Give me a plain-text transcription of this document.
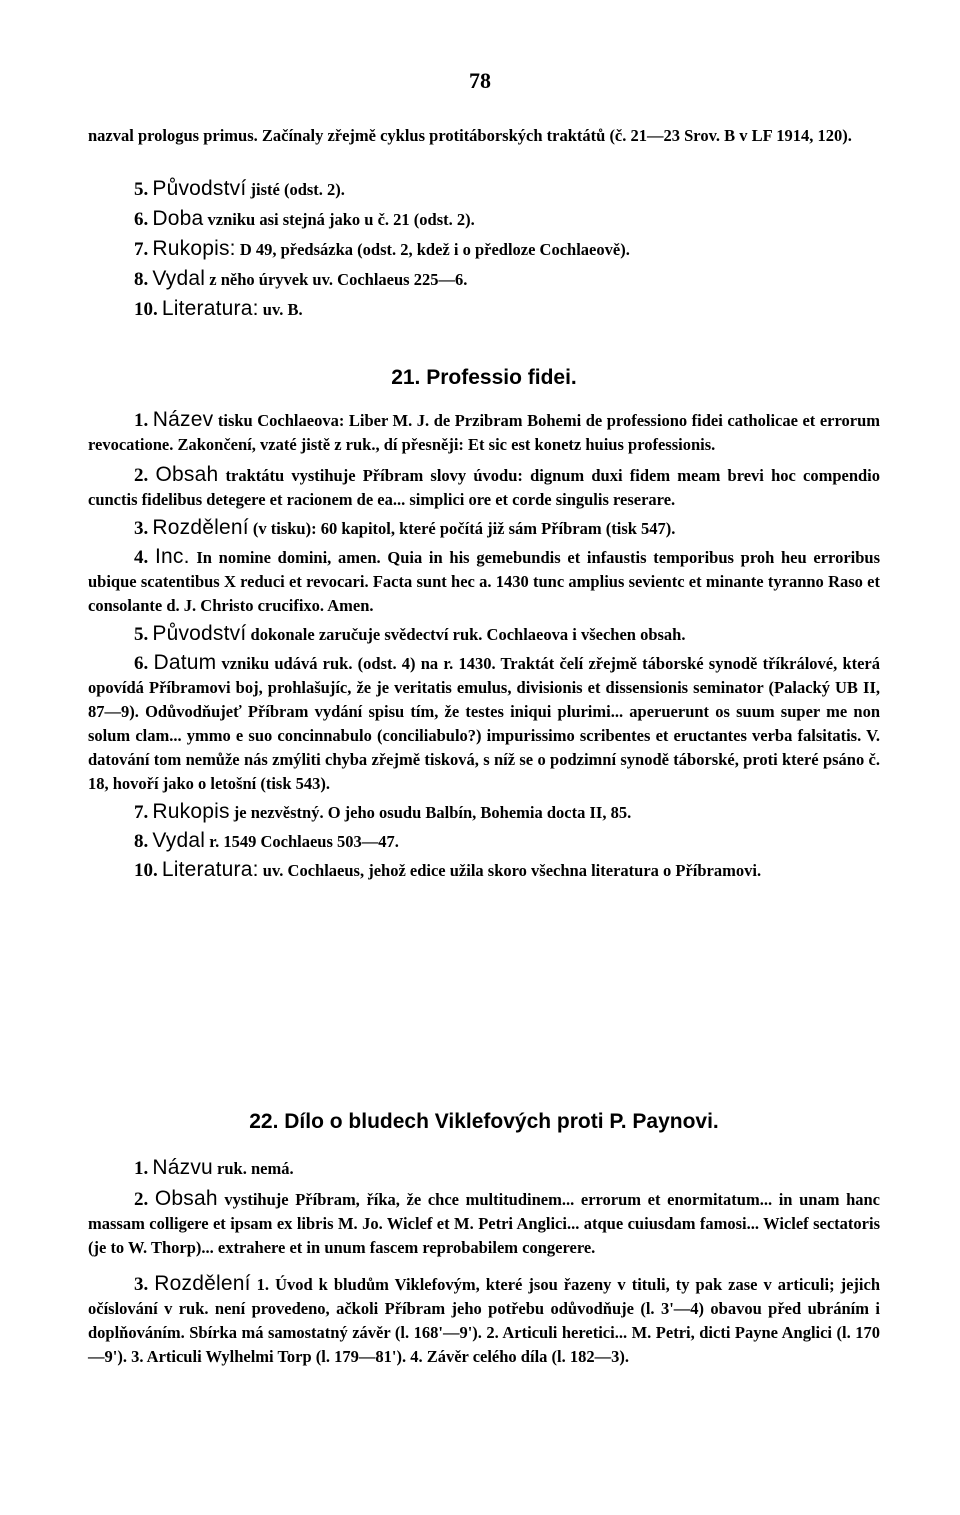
78

nazval prologus primus. Začínaly zřejmě cyklus protitáborských traktátů (č. 21—23 Srov. B v LF 1914, 120).

5. Původství jisté (odst. 2).

6. Doba vzniku asi stejná jako u č. 21 (odst. 2).

7. Rukopis: D 49, předsázka (odst. 2, kdež i o předloze Cochlaeově).

8. Vydal z něho úryvek uv. Cochlaeus 225—6.

10. Literatura: uv. B.

21. Professio fidei.

1. Název tisku Cochlaeova: Liber M. J. de Przibram Bohemi de professiono fidei catholicae et errorum revocatione. Zakončení, vzaté jistě z ruk., dí přesněji: Et sic est konetz huius professionis.

2. Obsah traktátu vystihuje Příbram slovy úvodu: dignum duxi fidem meam brevi hoc compendio cunctis fidelibus detegere et racionem de ea... simplici ore et corde singulis reserare.

3. Rozdělení (v tisku): 60 kapitol, které počítá již sám Příbram (tisk 547).

4. Inc. In nomine domini, amen. Quia in his gemebundis et infaustis temporibus proh heu erroribus ubique scatentibus X reduci et revocari. Facta sunt hec a. 1430 tunc amplius sevientc et minante tyranno Raso et consolante d. J. Christo crucifixo. Amen.

5. Původství dokonale zaručuje svědectví ruk. Cochlaeova i všechen obsah.

6. Datum vzniku udává ruk. (odst. 4) na r. 1430. Traktát čelí zřejmě táborské synodě tříkrálové, která opovídá Příbramovi boj, prohlašujíc, že je veritatis emulus, divisionis et dissensionis seminator (Palacký UB II, 87—9). Odůvodňujeť Příbram vydání spisu tím, že testes iniqui plurimi... aperuerunt os suum super me non solum clam... ymmo e suo concinnabulo (conciliabulo?) impurissimo scribentes et eructantes verba falsitatis. V. datování tom nemůže nás zmýliti chyba zřejmě tisková, s níž se o podzimní synodě táborské, proti které psáno č. 18, hovoří jako o letošní (tisk 543).

7. Rukopis je nezvěstný. O jeho osudu Balbín, Bohemia docta II, 85.

8. Vydal r. 1549 Cochlaeus 503—47.

10. Literatura: uv. Cochlaeus, jehož edice užila skoro všechna literatura o Příbramovi.

22. Dílo o bludech Viklefových proti P. Paynovi.

1. Názvu ruk. nemá.

2. Obsah vystihuje Příbram, říka, že chce multitudinem... errorum et enormitatum... in unam hanc massam colligere et ipsam ex libris M. Jo. Wiclef et M. Petri Anglici... atque cuiusdam famosi... Wiclef sectatoris (je to W. Thorp)... extrahere et in unum fascem reprobabilem congerere.

3. Rozdělení 1. Úvod k bludům Viklefovým, které jsou řazeny v tituli, ty pak zase v articuli; jejich očíslování v ruk. není provedeno, ačkoli Příbram jeho potřebu odůvodňuje (l. 3'—4) obavou před ubráním i doplňováním. Sbírka má samostatný závěr (l. 168'—9'). 2. Articuli heretici... M. Petri, dicti Payne Anglici (l. 170—9'). 3. Articuli Wylhelmi Torp (l. 179—81'). 4. Závěr celého díla (l. 182—3).
